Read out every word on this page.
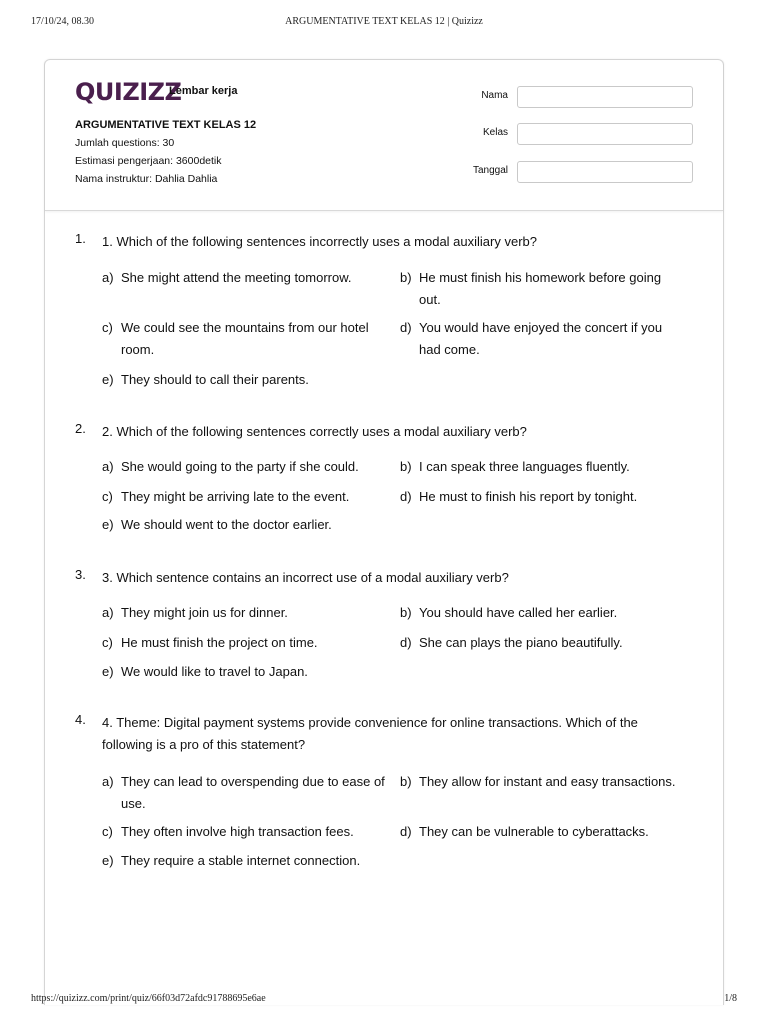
17/10/24, 08.30	ARGUMENTATIVE TEXT KELAS 12 | Quizizz
QUIZIZZ
Lembar kerja
ARGUMENTATIVE TEXT KELAS 12
Jumlah questions: 30
Estimasi pengerjaan: 3600detik
Nama instruktur: Dahlia Dahlia
Nama
Kelas
Tanggal
1. 1. Which of the following sentences incorrectly uses a modal auxiliary verb?
a) She might attend the meeting tomorrow.	b) He must finish his homework before going out.
c) We could see the mountains from our hotel room.
d) You would have enjoyed the concert if you had come.
e) They should to call their parents.
2. 2. Which of the following sentences correctly uses a modal auxiliary verb?
a) She would going to the party if she could.	b) I can speak three languages fluently.
c) They might be arriving late to the event.	d) He must to finish his report by tonight.
e) We should went to the doctor earlier.
3. 3. Which sentence contains an incorrect use of a modal auxiliary verb?
a) They might join us for dinner.	b) You should have called her earlier.
c) He must finish the project on time.	d) She can plays the piano beautifully.
e) We would like to travel to Japan.
4. 4. Theme: Digital payment systems provide convenience for online transactions. Which of the following is a pro of this statement?
a) They can lead to overspending due to ease of use.
b) They allow for instant and easy transactions.
c) They often involve high transaction fees.	d) They can be vulnerable to cyberattacks.
e) They require a stable internet connection.
https://quizizz.com/print/quiz/66f03d72afdc91788695e6ae	1/8
